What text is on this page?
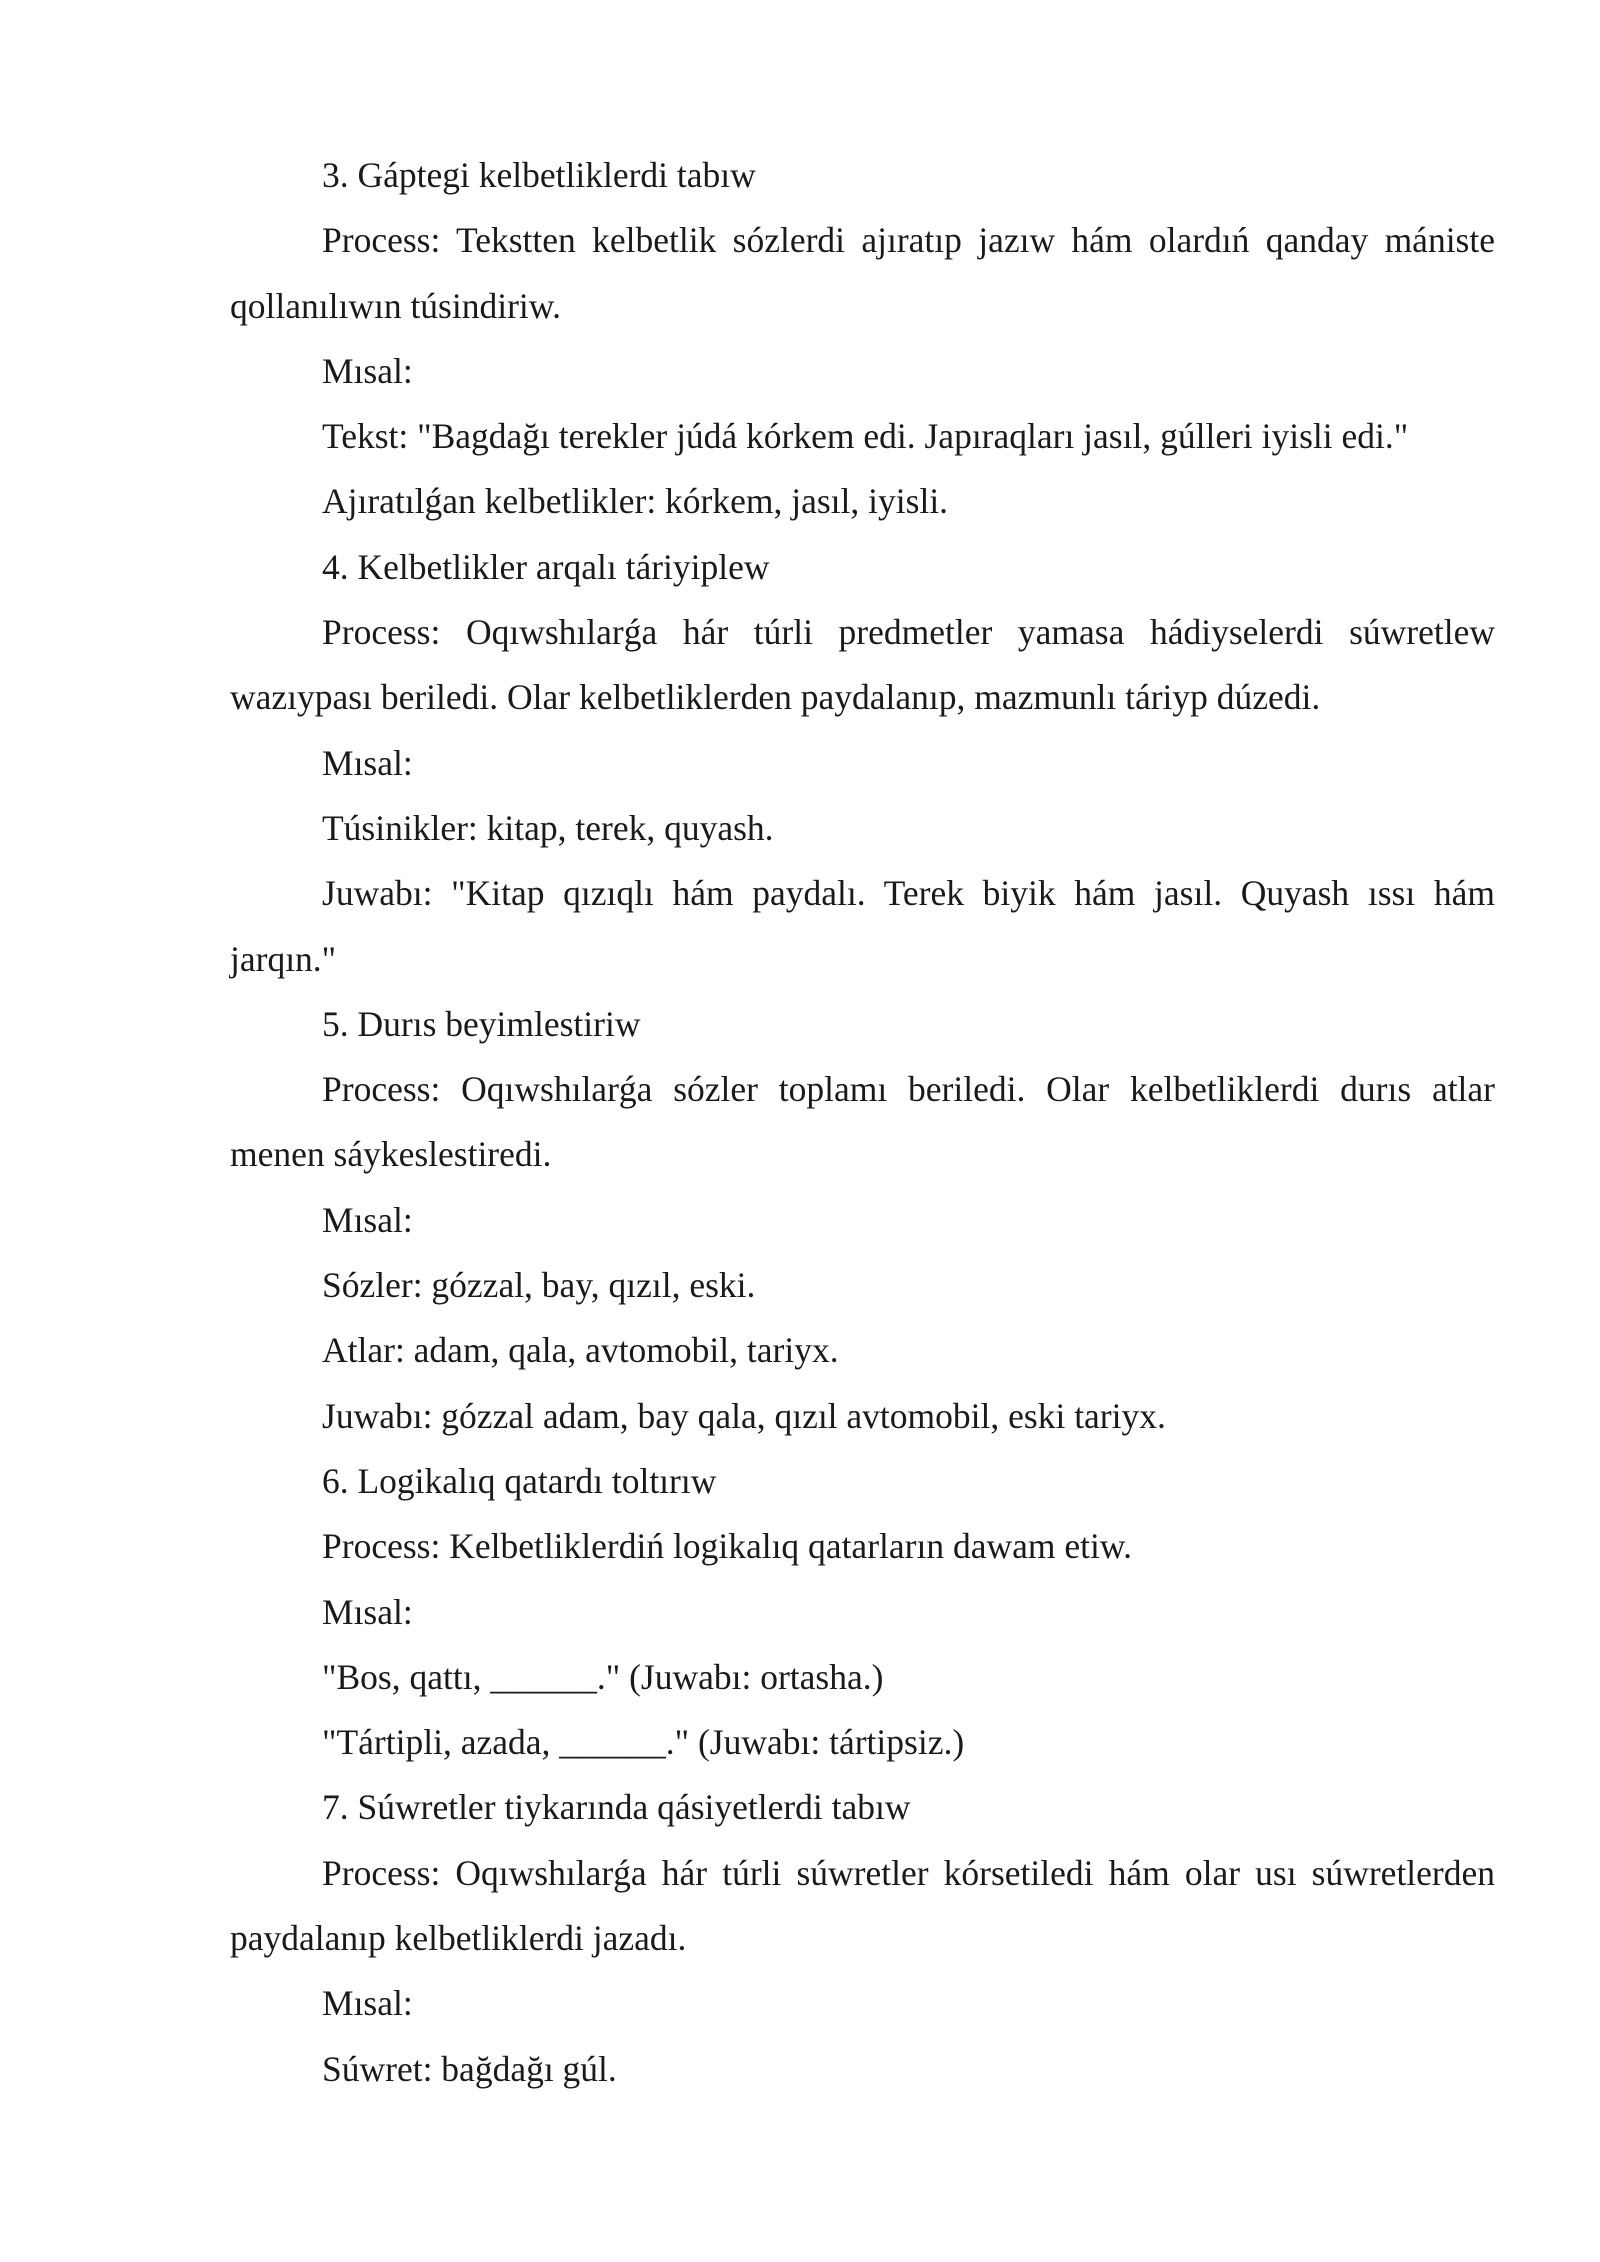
3. Gáptegi kelbetliklerdi tabıw

Process: Tekstten kelbetlik sózlerdi ajıratıp jazıw hám olardıń qanday mániste qollanılıwın túsindiriw.

Mısal:

Tekst: "Bagdağı terekler júdá kórkem edi. Japıraqları jasıl, gúlleri iyisli edi."

Ajıratılǵan kelbetlikler: kórkem, jasıl, iyisli.

4. Kelbetlikler arqalı táriyiplew

Process: Oqıwshılarǵa hár túrli predmetler yamasa hádiyselerdi súwretlew wazıypası beriledi. Olar kelbetliklerden paydalanıp, mazmunlı táriyp dúzedi.

Mısal:

Túsinikler: kitap, terek, quyash.

Juwabı: "Kitap qızıqlı hám paydalı. Terek biyik hám jasıl. Quyash ıssı hám jarqın."

5. Durıs beyimlestiriw

Process: Oqıwshılarǵa sózler toplamı beriledi. Olar kelbetliklerdi durıs atlar menen sáykeslestiredi.

Mısal:

Sózler: gózzal, bay, qızıl, eski.

Atlar: adam, qala, avtomobil, tariyx.

Juwabı: gózzal adam, bay qala, qızıl avtomobil, eski tariyx.

6. Logikalıq qatardı toltırıw

Process: Kelbetliklerdiń logikalıq qatarların dawam etiw.

Mısal:

"Bos, qattı, ______." (Juwabı: ortasha.)

"Tártipli, azada, ______." (Juwabı: tártipsiz.)

7. Súwretler tiykarında qásiyetlerdi tabıw

Process: Oqıwshılarǵa hár túrli súwretler kórsetiledi hám olar usı súwretlerden paydalanıp kelbetliklerdi jazadı.

Mısal:

Súwret: bağdağı gúl.
